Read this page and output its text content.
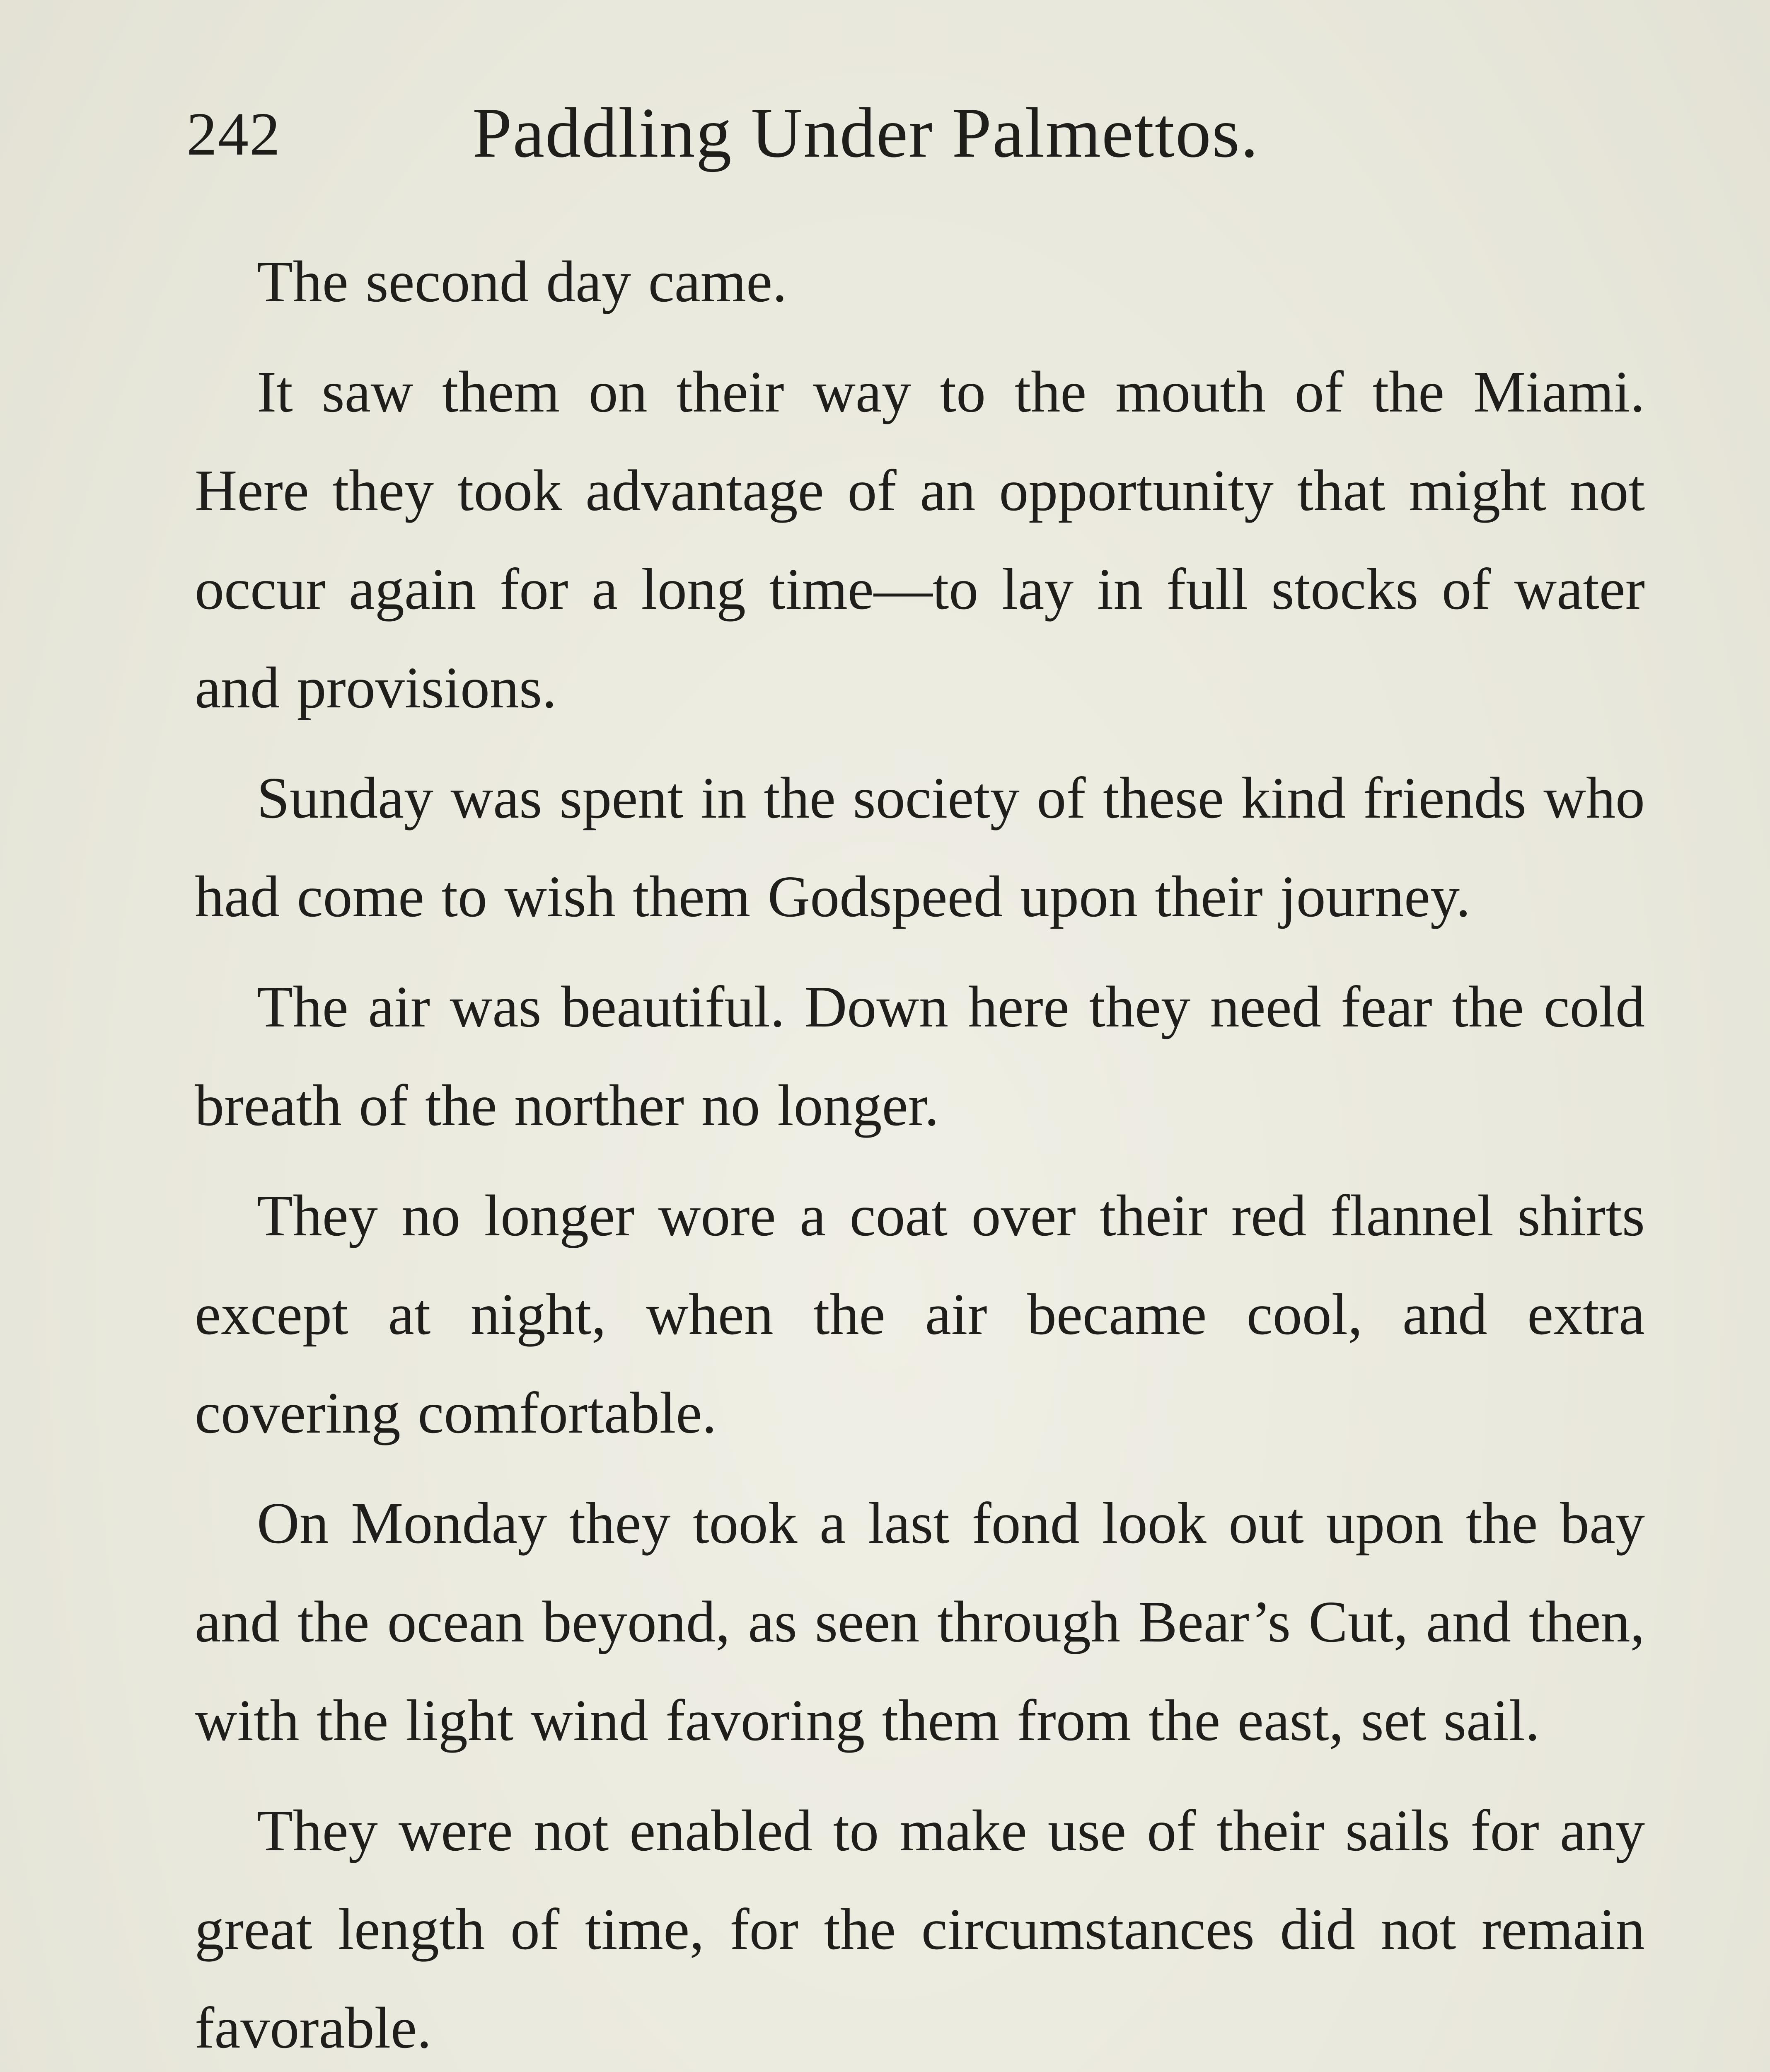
242	Paddling Under Palmettos.

The second day came.

It saw them on their way to the mouth of the Miami. Here they took advantage of an opportunity that might not occur again for a long time—to lay in full stocks of water and provisions.

Sunday was spent in the society of these kind friends who had come to wish them Godspeed upon their journey.

The air was beautiful. Down here they need fear the cold breath of the norther no longer.

They no longer wore a coat over their red flannel shirts except at night, when the air became cool, and extra covering comfortable.

On Monday they took a last fond look out upon the bay and the ocean beyond, as seen through Bear’s Cut, and then, with the light wind favoring them from the east, set sail.

They were not enabled to make use of their sails for any great length of time, for the circumstances did not remain favorable.
